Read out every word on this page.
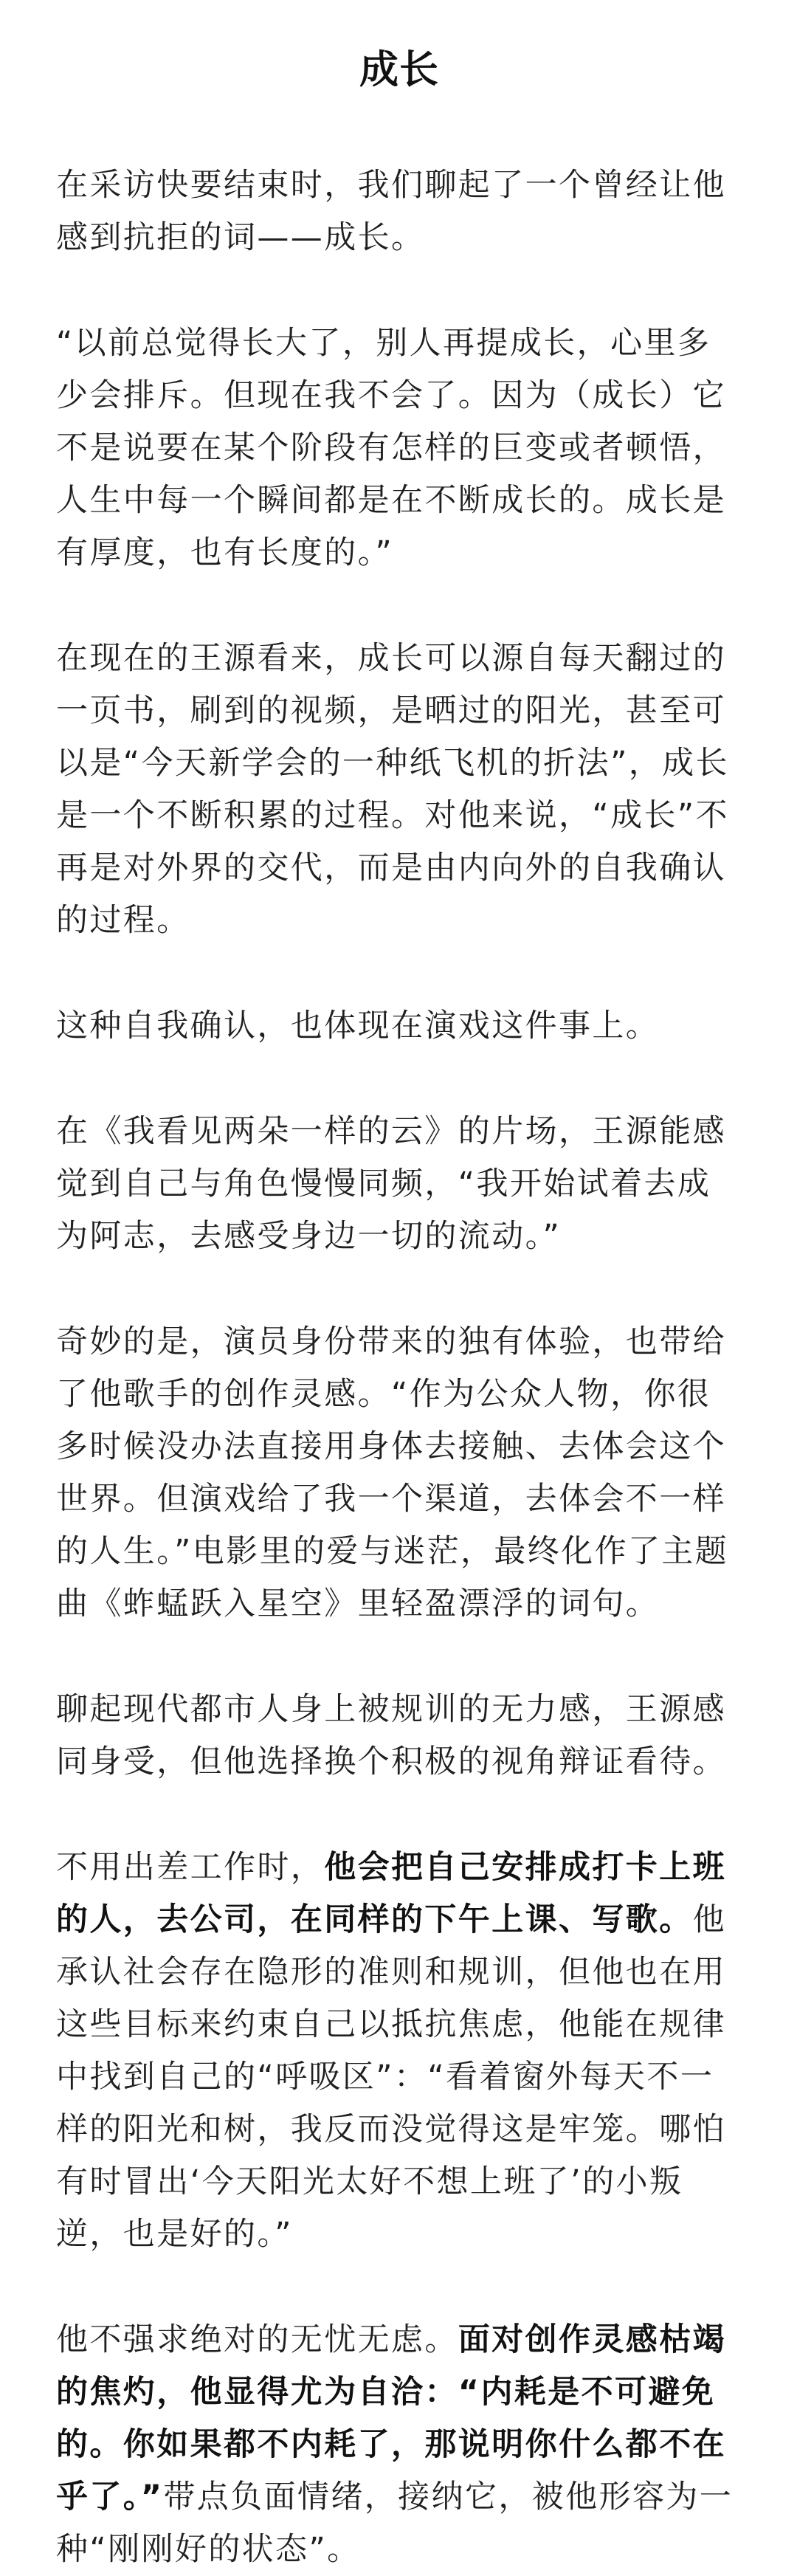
成长

在采访快要结束时，我们聊起了一个曾经让他感到抗拒的词——成长。

“以前总觉得长大了，别人再提成长，心里多少会排斥。但现在我不会了。因为（成长）它不是说要在某个阶段有怎样的巨变或者顿悟，人生中每一个瞬间都是在不断成长的。成长是有厚度，也有长度的。”

在现在的王源看来，成长可以源自每天翻过的一页书，刷到的视频，是晒过的阳光，甚至可以是“今天新学会的一种纸飞机的折法”，成长是一个不断积累的过程。对他来说，“成长”不再是对外界的交代，而是由内向外的自我确认的过程。

这种自我确认，也体现在演戏这件事上。

在《我看见两朵一样的云》的片场，王源能感觉到自己与角色慢慢同频，“我开始试着去成为阿志，去感受身边一切的流动。”

奇妙的是，演员身份带来的独有体验，也带给了他歌手的创作灵感。“作为公众人物，你很多时候没办法直接用身体去接触、去体会这个世界。但演戏给了我一个渠道，去体会不一样的人生。”电影里的爱与迷茫，最终化作了主题曲《蚱蜢跃入星空》里轻盈漂浮的词句。

聊起现代都市人身上被规训的无力感，王源感同身受，但他选择换个积极的视角辩证看待。

不用出差工作时，他会把自己安排成打卡上班的人，去公司，在同样的下午上课、写歌。他承认社会存在隐形的准则和规训，但他也在用这些目标来约束自己以抵抗焦虑，他能在规律中找到自己的“呼吸区”：“看着窗外每天不一样的阳光和树，我反而没觉得这是牢笼。哪怕有时冒出‘今天阳光太好不想上班了’的小叛逆，也是好的。”

他不强求绝对的无忧无虑。面对创作灵感枯竭的焦灼，他显得尤为自洽：“内耗是不可避免的。你如果都不内耗了，那说明你什么都不在乎了。”带点负面情绪，接纳它，被他形容为一种“刚刚好的状态”。
